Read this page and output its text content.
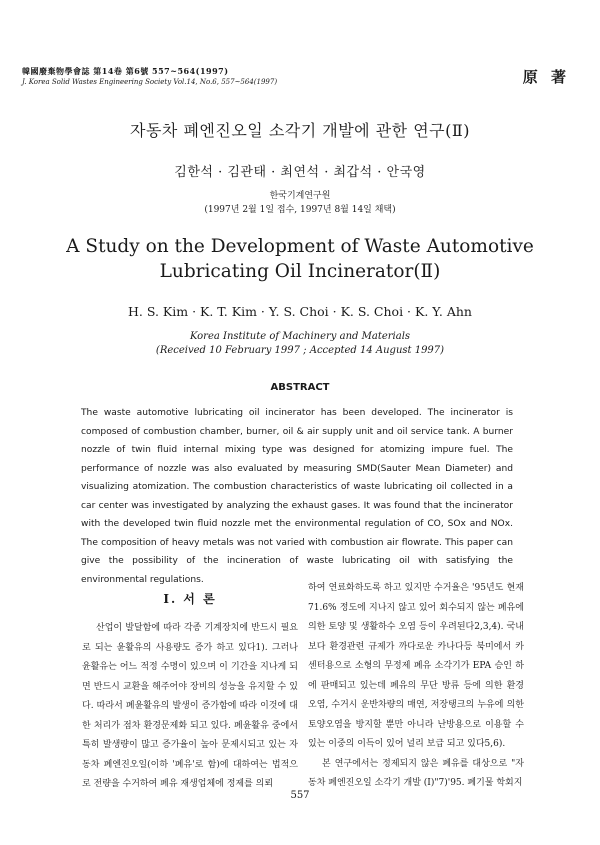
韓國廢棄物學會誌 第14卷 第6號 557~564(1997)
J. Korea Solid Wastes Engineering Society Vol.14, No.6, 557~564(1997)	原 著
자동차 폐엔진오일 소각기 개발에 관한 연구(Ⅱ)
김한석 · 김관태 · 최연석 · 최갑석 · 안국영
한국기계연구원
(1997년 2월 1일 접수, 1997년 8월 14일 채택)
A Study on the Development of Waste Automotive
Lubricating Oil Incinerator(Ⅱ)
H. S. Kim · K. T. Kim · Y. S. Choi · K. S. Choi · K. Y. Ahn
Korea Institute of Machinery and Materials
(Received 10 February 1997 ; Accepted 14 August 1997)
ABSTRACT

The waste automotive lubricating oil incinerator has been developed. The incinerator is composed of combustion chamber, burner, oil & air supply unit and oil service tank. A burner nozzle of twin fluid internal mixing type was designed for atomizing impure fuel. The performance of nozzle was also evaluated by measuring SMD(Sauter Mean Diameter) and visualizing atomization. The combustion characteristics of waste lubricating oil collected in a car center was investigated by analyzing the exhaust gases. It was found that the incinerator with the developed twin fluid nozzle met the environmental regulation of CO, SOx and NOx. The composition of heavy metals was not varied with combustion air flowrate. This paper can give the possibility of the incineration of waste lubricating oil with satisfying the environmental regulations.

Ⅰ. 서 론

산업이 발달함에 따라 각종 기계장치에 반드시 필요로 되는 윤활유의 사용량도 증가 하고 있다1). 그러나 윤활유는 어느 적정 수명이 있으며 이 기간을 지나게 되면 반드시 교환을 해주어야 장비의 성능을 유지할 수 있다. 따라서 폐윤활유의 발생이 증가함에 따라 이것에 대한 처리가 점차 환경문제화 되고 있다. 폐윤활유 중에서 특히 발생량이 많고 증가율이 높아 문제시되고 있는 자동차 폐엔진오일(이하 '폐유'로 함)에 대하여는 법적으로 전량을 수거하여 폐유 재생업체에 정제를 의뢰

하여 연료화하도록 하고 있지만 수거율은 '95년도 현재 71.6% 정도에 지나지 않고 있어 회수되지 않는 폐유에 의한 토양 및 생활하수 오염 등이 우려된다2,3,4). 국내보다 환경관련 규제가 까다로운 카나다등 북미에서 카센터용으로 소형의 무정제 폐유 소각기가 EPA 승인 하에 판매되고 있는데 폐유의 무단 방류 등에 의한 환경 오염, 수거시 운반차량의 매연, 저장탱크의 누유에 의한 토양오염을 방지할 뿐만 아니라 난방용으로 이용할 수 있는 이중의 이득이 있어 널리 보급 되고 있다5,6).

본 연구에서는 정제되지 않은 폐유를 대상으로 "자동차 폐엔진오일 소각기 개발 (Ⅰ)"7)'95. 폐기물 학회지

557
